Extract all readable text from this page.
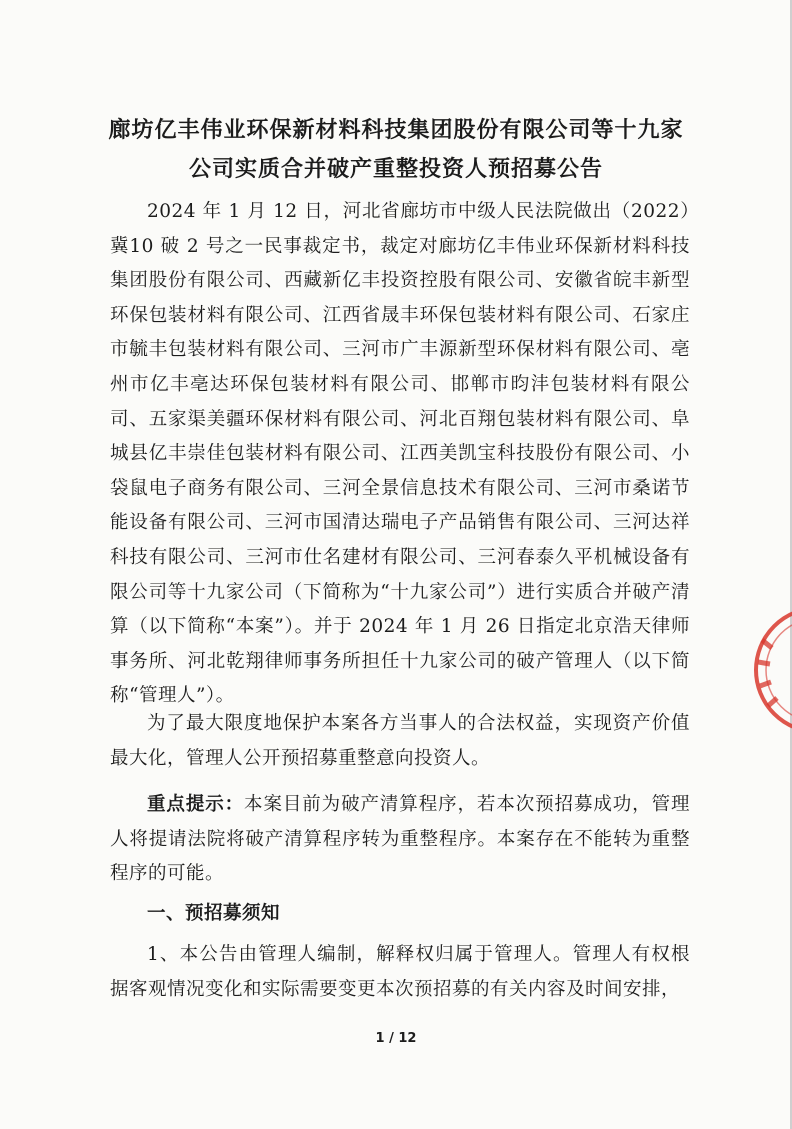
廊坊亿丰伟业环保新材料科技集团股份有限公司等十九家
公司实质合并破产重整投资人预招募公告
2024 年 1 月 12 日，河北省廊坊市中级人民法院做出（2022）冀10 破 2 号之一民事裁定书，裁定对廊坊亿丰伟业环保新材料科技集团股份有限公司、西藏新亿丰投资控股有限公司、安徽省皖丰新型环保包装材料有限公司、江西省晟丰环保包装材料有限公司、石家庄市毓丰包装材料有限公司、三河市广丰源新型环保材料有限公司、亳州市亿丰亳达环保包装材料有限公司、邯郸市昀沣包装材料有限公司、五家渠美疆环保材料有限公司、河北百翔包装材料有限公司、阜城县亿丰崇佳包装材料有限公司、江西美凯宝科技股份有限公司、小袋鼠电子商务有限公司、三河全景信息技术有限公司、三河市桑诺节能设备有限公司、三河市国清达瑞电子产品销售有限公司、三河达祥科技有限公司、三河市仕名建材有限公司、三河春泰久平机械设备有限公司等十九家公司（下简称为“十九家公司”）进行实质合并破产清算（以下简称“本案”）。并于 2024 年 1 月 26 日指定北京浩天律师事务所、河北乾翔律师事务所担任十九家公司的破产管理人（以下简称“管理人”）。
为了最大限度地保护本案各方当事人的合法权益，实现资产价值最大化，管理人公开预招募重整意向投资人。
重点提示：本案目前为破产清算程序，若本次预招募成功，管理人将提请法院将破产清算程序转为重整程序。本案存在不能转为重整程序的可能。
一、预招募须知
1、本公告由管理人编制，解释权归属于管理人。管理人有权根据客观情况变化和实际需要变更本次预招募的有关内容及时间安排，
1 / 12
